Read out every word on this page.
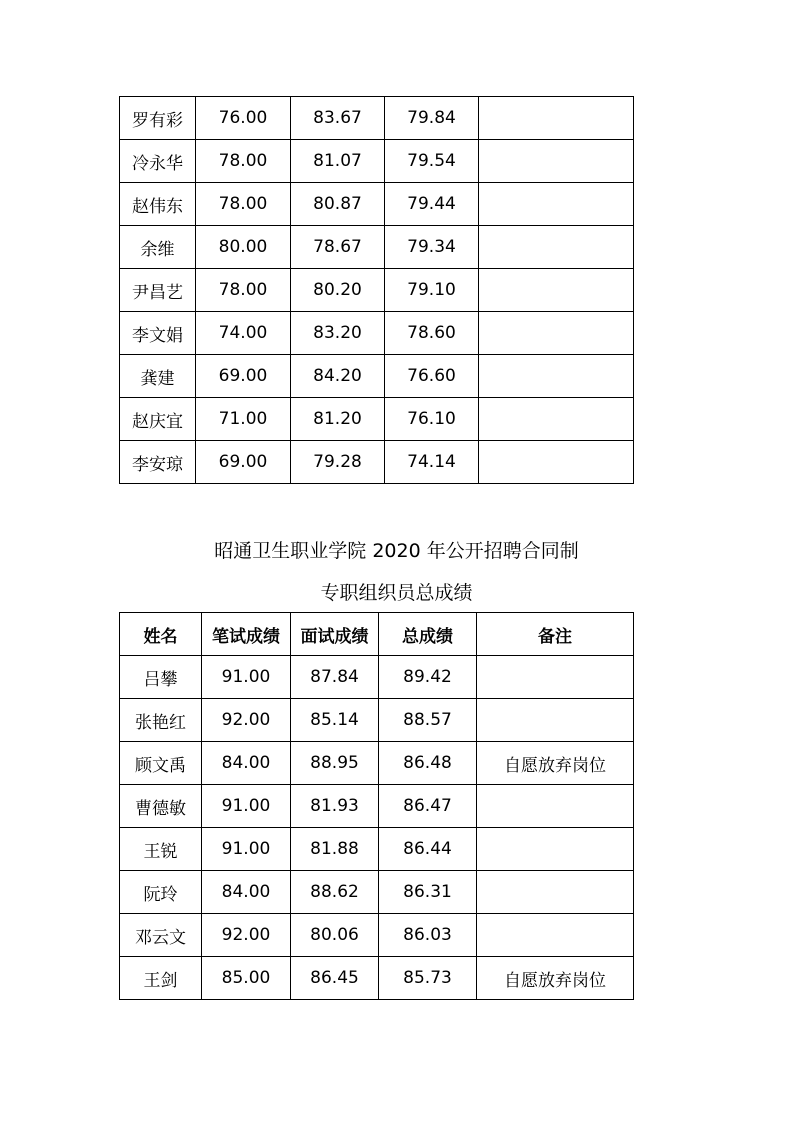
罗有彩	76.00	83.67	79.84	
冷永华	78.00	81.07	79.54	
赵伟东	78.00	80.87	79.44	
余维	80.00	78.67	79.34	
尹昌艺	78.00	80.20	79.10	
李文娟	74.00	83.20	78.60	
龚建	69.00	84.20	76.60	
赵庆宜	71.00	81.20	76.10	
李安琼	69.00	79.28	74.14	
昭通卫生职业学院 2020 年公开招聘合同制
专职组织员总成绩
姓名	笔试成绩	面试成绩	总成绩	备注
吕攀	91.00	87.84	89.42	
张艳红	92.00	85.14	88.57	
顾文禹	84.00	88.95	86.48	自愿放弃岗位
曹德敏	91.00	81.93	86.47	
王锐	91.00	81.88	86.44	
阮玲	84.00	88.62	86.31	
邓云文	92.00	80.06	86.03	
王剑	85.00	86.45	85.73	自愿放弃岗位
